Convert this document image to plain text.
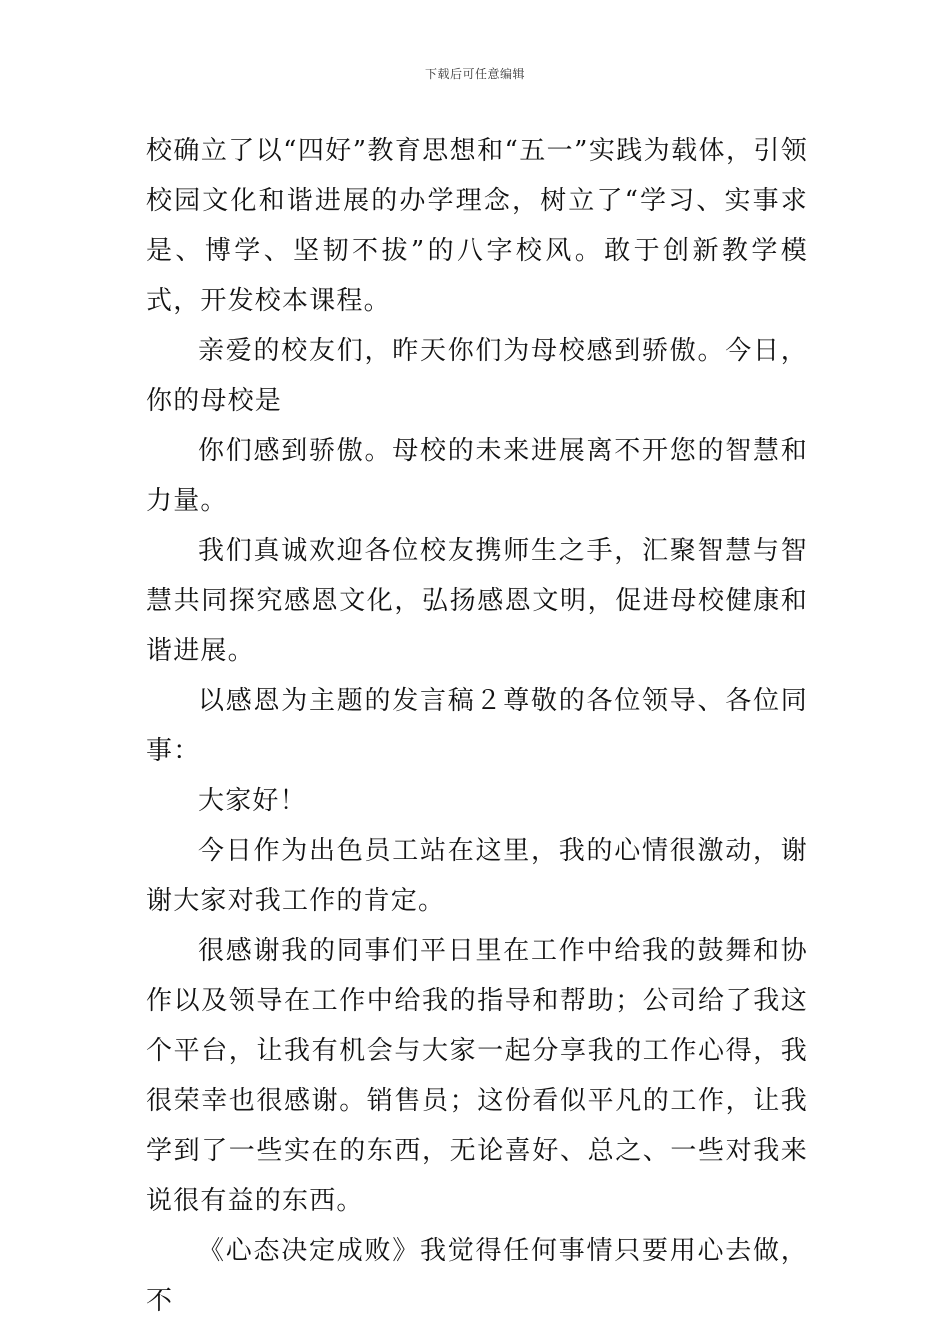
下载后可任意编辑

校确立了以“四好”教育思想和“五一”实践为载体，引领校园文化和谐进展的办学理念，树立了“学习、实事求是、博学、坚韧不拔”的八字校风。敢于创新教学模式，开发校本课程。

亲爱的校友们，昨天你们为母校感到骄傲。今日，你的母校是

你们感到骄傲。母校的未来进展离不开您的智慧和力量。

我们真诚欢迎各位校友携师生之手，汇聚智慧与智慧共同探究感恩文化，弘扬感恩文明，促进母校健康和谐进展。

以感恩为主题的发言稿２尊敬的各位领导、各位同事：

大家好！

今日作为出色员工站在这里，我的心情很激动，谢谢大家对我工作的肯定。

很感谢我的同事们平日里在工作中给我的鼓舞和协作以及领导在工作中给我的指导和帮助；公司给了我这个平台，让我有机会与大家一起分享我的工作心得，我很荣幸也很感谢。销售员；这份看似平凡的工作，让我学到了一些实在的东西，无论喜好、总之、一些对我来说很有益的东西。

《心态决定成败》我觉得任何事情只要用心去做，不
